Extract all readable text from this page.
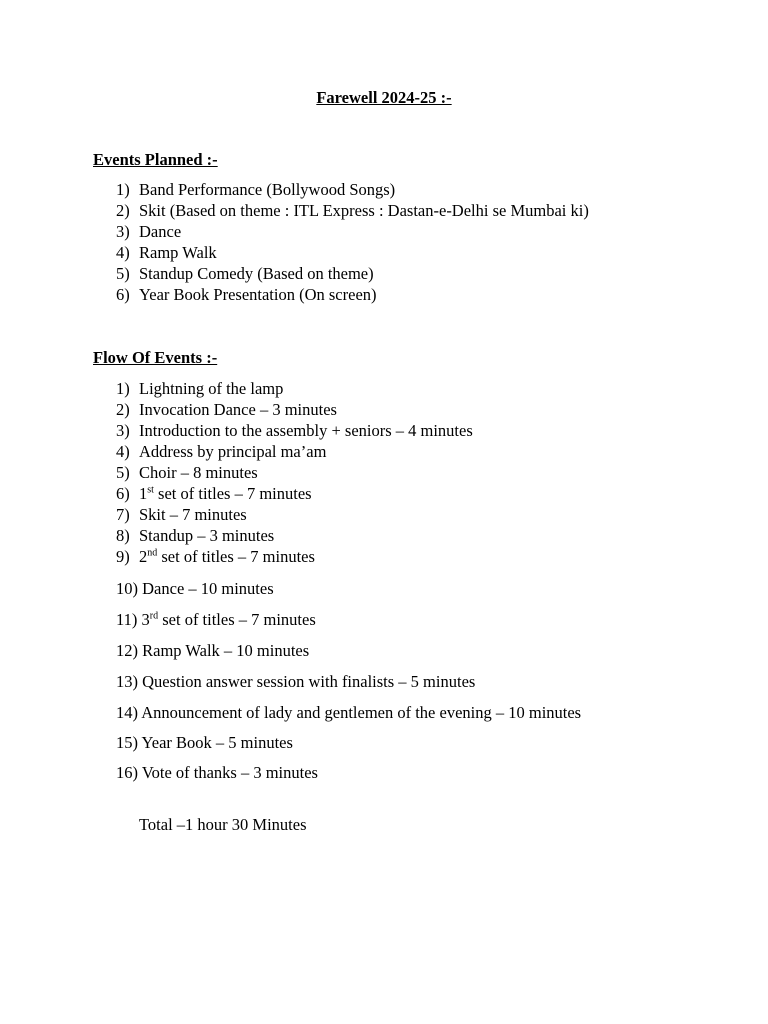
Farewell 2024-25 :-
Events Planned :-
1) Band Performance (Bollywood Songs)
2) Skit (Based on theme : ITL Express : Dastan-e-Delhi se Mumbai ki)
3) Dance
4) Ramp Walk
5) Standup Comedy (Based on theme)
6) Year Book Presentation (On screen)
Flow Of Events :-
1) Lightning of the lamp
2) Invocation Dance – 3 minutes
3) Introduction to the assembly + seniors – 4 minutes
4) Address by principal ma’am
5) Choir – 8 minutes
6) 1st set of titles – 7 minutes
7) Skit – 7 minutes
8) Standup – 3 minutes
9) 2nd set of titles – 7 minutes
10) Dance – 10 minutes
11) 3rd set of titles – 7 minutes
12) Ramp Walk – 10 minutes
13) Question answer session with finalists – 5 minutes
14) Announcement of lady and gentlemen of the evening – 10 minutes
15) Year Book – 5 minutes
16) Vote of thanks – 3 minutes
Total –1 hour 30 Minutes
